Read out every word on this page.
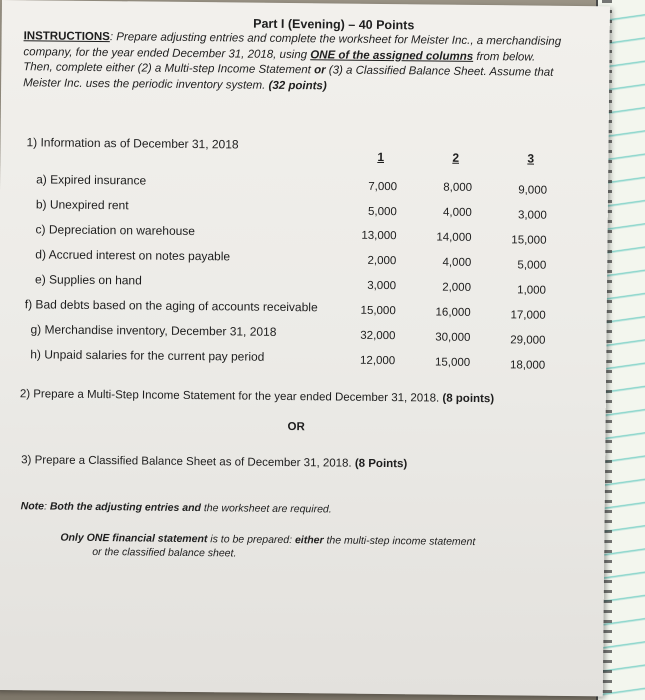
Part I (Evening) – 40 Points
INSTRUCTIONS: Prepare adjusting entries and complete the worksheet for Meister Inc., a merchandising company, for the year ended December 31, 2018, using ONE of the assigned columns from below. Then, complete either (2) a Multi-step Income Statement or (3) a Classified Balance Sheet. Assume that Meister Inc. uses the periodic inventory system. (32 points)
1) Information as of December 31, 2018
1	2	3
a) Expired insurance	7,000	8,000	9,000
b) Unexpired rent	5,000	4,000	3,000
c) Depreciation on warehouse	13,000	14,000	15,000
d) Accrued interest on notes payable	2,000	4,000	5,000
e) Supplies on hand	3,000	2,000	1,000
f) Bad debts based on the aging of accounts receivable	15,000	16,000	17,000
g) Merchandise inventory, December 31, 2018	32,000	30,000	29,000
h) Unpaid salaries for the current pay period	12,000	15,000	18,000
2) Prepare a Multi-Step Income Statement for the year ended December 31, 2018. (8 points)
OR
3) Prepare a Classified Balance Sheet as of December 31, 2018. (8 Points)
Note: Both the adjusting entries and the worksheet are required.
Only ONE financial statement is to be prepared: either the multi-step income statement
or the classified balance sheet.
